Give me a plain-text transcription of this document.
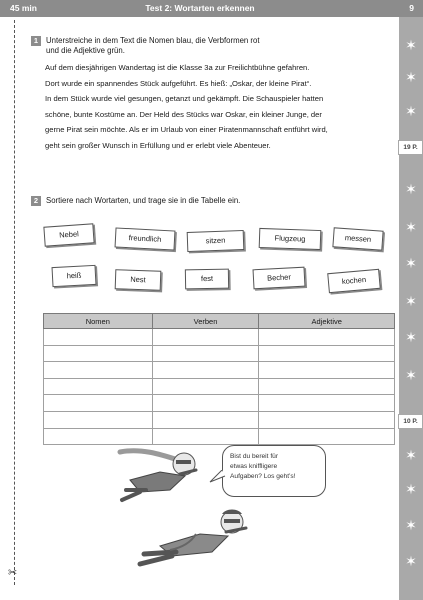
45 min	Test 2: Wortarten erkennen	9
✂
✶
✶
✶
19 P.
✶
✶
✶
✶
✶
✶
10 P.
✶
✶
✶
✶
1	Unterstreiche in dem Text die Nomen blau, die Verbformen rot
und die Adjektive grün.
Auf dem diesjährigen Wandertag ist die Klasse 3a zur Freilichtbühne gefahren.
Dort wurde ein spannendes Stück aufgeführt. Es hieß: „Oskar, der kleine Pirat“.
In dem Stück wurde viel gesungen, getanzt und gekämpft. Die Schauspieler hatten
schöne, bunte Kostüme an. Der Held des Stücks war Oskar, ein kleiner Junge, der
gerne Pirat sein möchte. Als er im Urlaub von einer Piratenmannschaft entführt wird,
geht sein großer Wunsch in Erfüllung und er erlebt viele Abenteuer.
2	Sortiere nach Wortarten, und trage sie in die Tabelle ein.
Nebel	freundlich	sitzen	Flugzeug	messen
heiß	Nest	fest	Becher	kochen
Nomen	Verben	Adjektive

Bist du bereit für
etwas kniffligere
Aufgaben? Los geht’s!
